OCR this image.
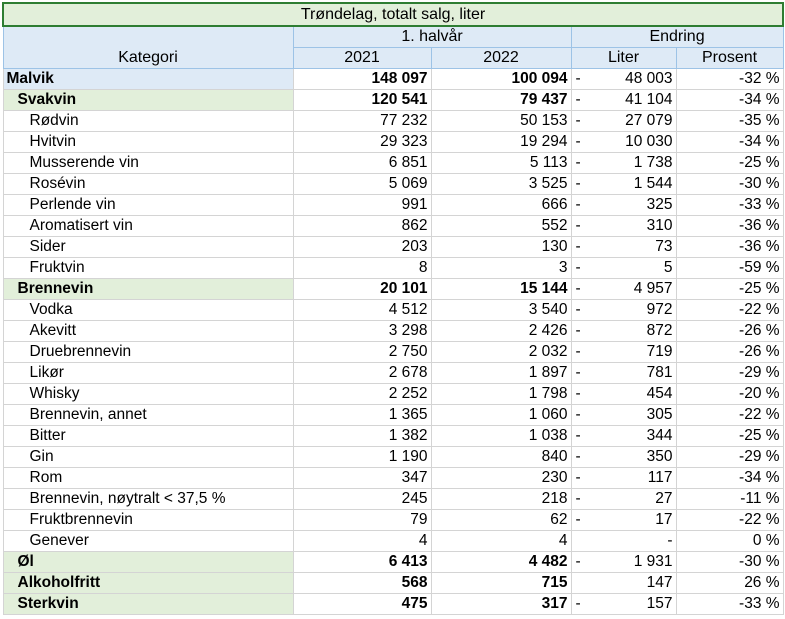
Trøndelag, totalt salg, liter				
Kategori	1. halvår		Endring	
	2021	2022	Liter	Prosent
Malvik	148 097	100 094	- 48 003	-32 %
Svakvin	120 541	79 437	- 41 104	-34 %
Rødvin	77 232	50 153	- 27 079	-35 %
Hvitvin	29 323	19 294	- 10 030	-34 %
Musserende vin	6 851	5 113	- 1 738	-25 %
Rosévin	5 069	3 525	- 1 544	-30 %
Perlende vin	991	666	- 325	-33 %
Aromatisert vin	862	552	- 310	-36 %
Sider	203	130	- 73	-36 %
Fruktvin	8	3	- 5	-59 %
Brennevin	20 101	15 144	- 4 957	-25 %
Vodka	4 512	3 540	- 972	-22 %
Akevitt	3 298	2 426	- 872	-26 %
Druebrennevin	2 750	2 032	- 719	-26 %
Likør	2 678	1 897	- 781	-29 %
Whisky	2 252	1 798	- 454	-20 %
Brennevin, annet	1 365	1 060	- 305	-22 %
Bitter	1 382	1 038	- 344	-25 %
Gin	1 190	840	- 350	-29 %
Rom	347	230	- 117	-34 %
Brennevin, nøytralt < 37,5 %	245	218	- 27	-11 %
Fruktbrennevin	79	62	- 17	-22 %
Genever	4	4	-	0 %
Øl	6 413	4 482	- 1 931	-30 %
Alkoholfritt	568	715	147	26 %
Sterkvin	475	317	- 157	-33 %
